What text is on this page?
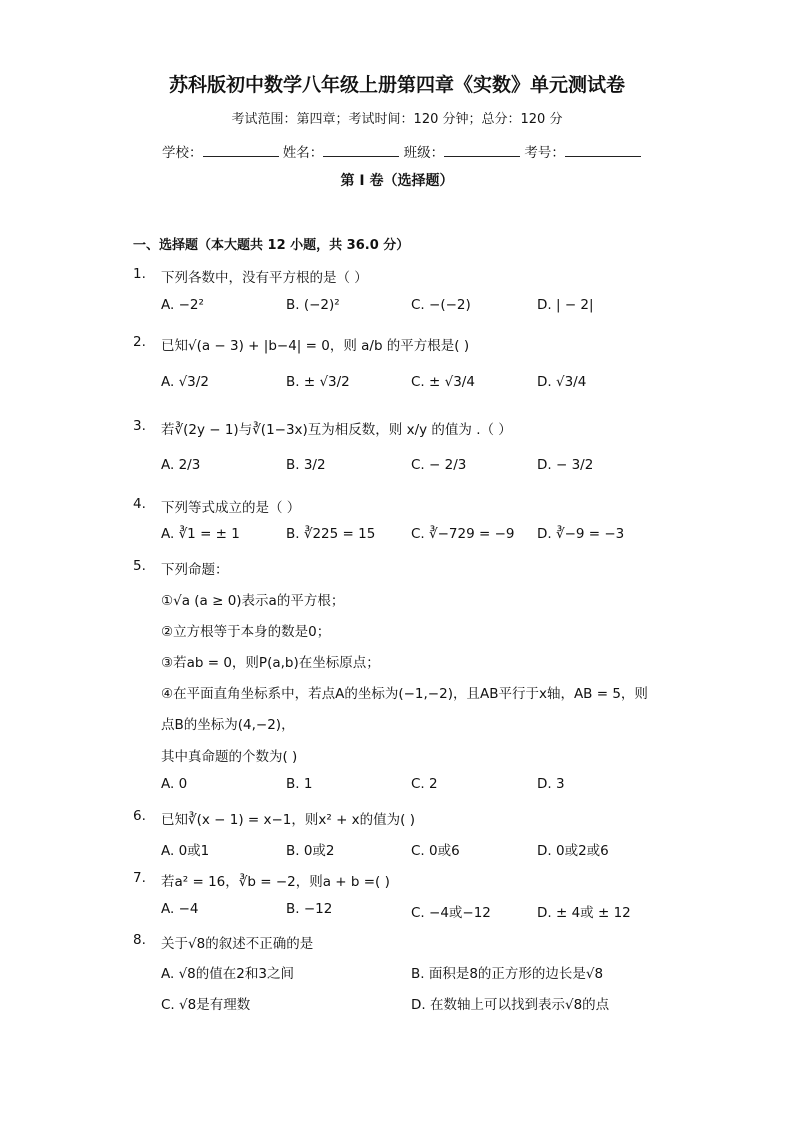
苏科版初中数学八年级上册第四章《实数》单元测试卷
考试范围：第四章；考试时间：120 分钟；总分：120 分
学校：	姓名：	班级：	考号：
第 I 卷（选择题）
一、选择题（本大题共 12 小题，共 36.0 分）
1. 下列各数中，没有平方根的是（ ）
A. −2²	B. (−2)²	C. −(−2)	D. | − 2|
2. 已知√(a − 3) + |b−4| = 0，则 a/b 的平方根是( )
A. √3/2	B. ± √3/2	C. ± √3/4	D. √3/4
3. 若∛(2y − 1)与∛(1−3x)互为相反数，则 x/y 的值为 .（ ）
A. 2/3	B. 3/2	C. − 2/3	D. − 3/2
4. 下列等式成立的是（ ）
A. ∛1 = ± 1	B. ∛225 = 15	C. ∛−729 = −9 D. ∛−9 = −3
5. 下列命题：
①√a (a ≥ 0)表示a的平方根；
②立方根等于本身的数是0；
③若ab = 0，则P(a,b)在坐标原点；
④在平面直角坐标系中，若点A的坐标为(−1,−2)，且AB平行于x轴，AB = 5，则
点B的坐标为(4,−2)，
其中真命题的个数为( )
A. 0	B. 1	C. 2	D. 3
6. 已知∛(x − 1) = x−1，则x² + x的值为( )
A. 0或1	B. 0或2	C. 0或6	D. 0或2或6
7. 若a² = 16，∛b = −2，则a + b =( )
A. −4	B. −12	C. −4或−12	D. ± 4或 ± 12
8. 关于√8的叙述不正确的是
A. √8的值在2和3之间	B. 面积是8的正方形的边长是√8
C. √8是有理数	D. 在数轴上可以找到表示√8的点
